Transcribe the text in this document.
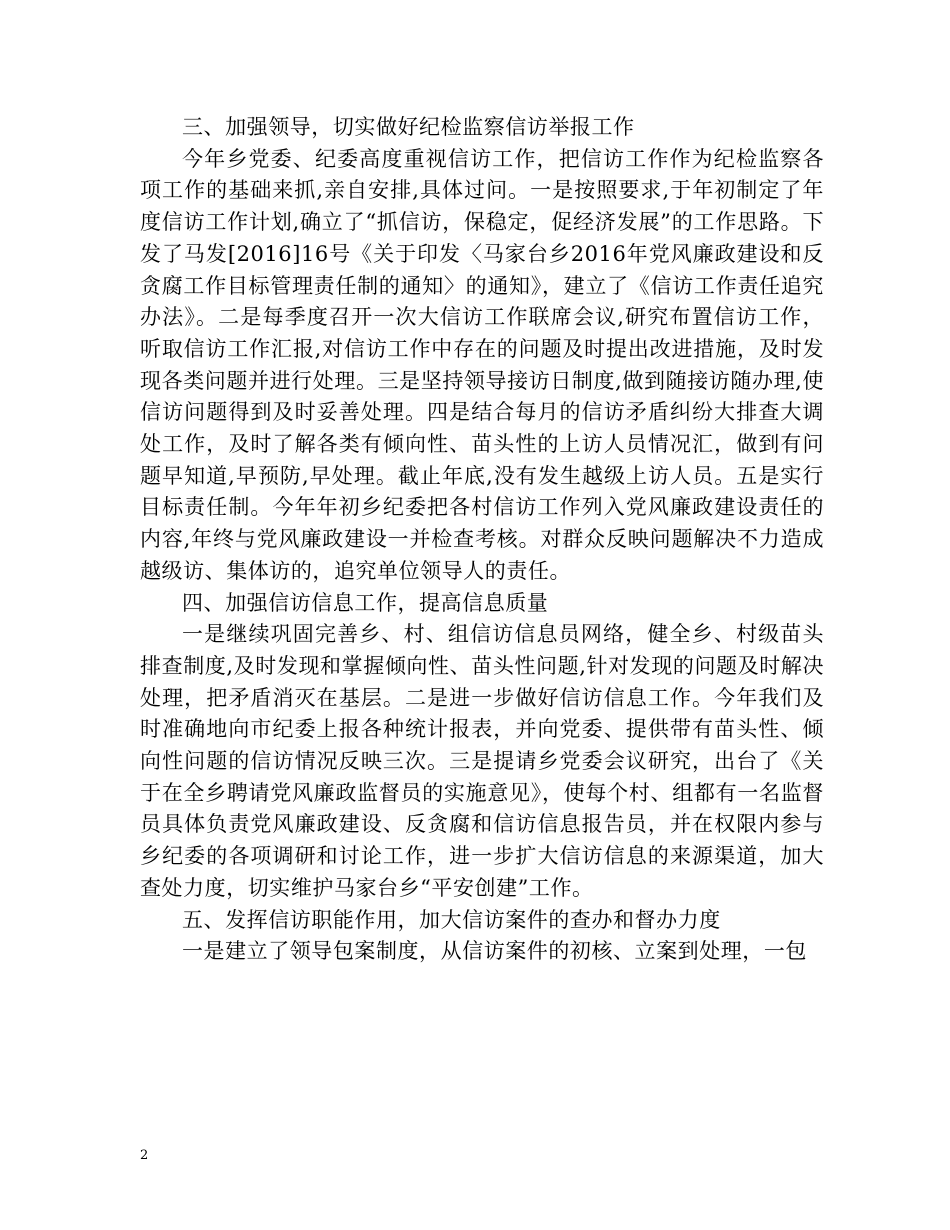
三、加强领导，切实做好纪检监察信访举报工作

今年乡党委、纪委高度重视信访工作，把信访工作作为纪检监察各项工作的基础来抓,亲自安排,具体过问。一是按照要求,于年初制定了年度信访工作计划,确立了“抓信访，保稳定，促经济发展”的工作思路。下发了马发[2016]16号《关于印发〈马家台乡2016年党风廉政建设和反贪腐工作目标管理责任制的通知〉的通知》，建立了《信访工作责任追究办法》。二是每季度召开一次大信访工作联席会议,研究布置信访工作，听取信访工作汇报,对信访工作中存在的问题及时提出改进措施，及时发现各类问题并进行处理。三是坚持领导接访日制度,做到随接访随办理,使信访问题得到及时妥善处理。四是结合每月的信访矛盾纠纷大排查大调处工作，及时了解各类有倾向性、苗头性的上访人员情况汇，做到有问题早知道,早预防,早处理。截止年底,没有发生越级上访人员。五是实行目标责任制。今年年初乡纪委把各村信访工作列入党风廉政建设责任的内容,年终与党风廉政建设一并检查考核。对群众反映问题解决不力造成越级访、集体访的，追究单位领导人的责任。

四、加强信访信息工作，提高信息质量

一是继续巩固完善乡、村、组信访信息员网络，健全乡、村级苗头排查制度,及时发现和掌握倾向性、苗头性问题,针对发现的问题及时解决处理，把矛盾消灭在基层。二是进一步做好信访信息工作。今年我们及时准确地向市纪委上报各种统计报表，并向党委、提供带有苗头性、倾向性问题的信访情况反映三次。三是提请乡党委会议研究，出台了《关于在全乡聘请党风廉政监督员的实施意见》，使每个村、组都有一名监督员具体负责党风廉政建设、反贪腐和信访信息报告员，并在权限内参与乡纪委的各项调研和讨论工作，进一步扩大信访信息的来源渠道，加大查处力度，切实维护马家台乡“平安创建”工作。

五、发挥信访职能作用，加大信访案件的查办和督办力度

一是建立了领导包案制度，从信访案件的初核、立案到处理，一包

2
